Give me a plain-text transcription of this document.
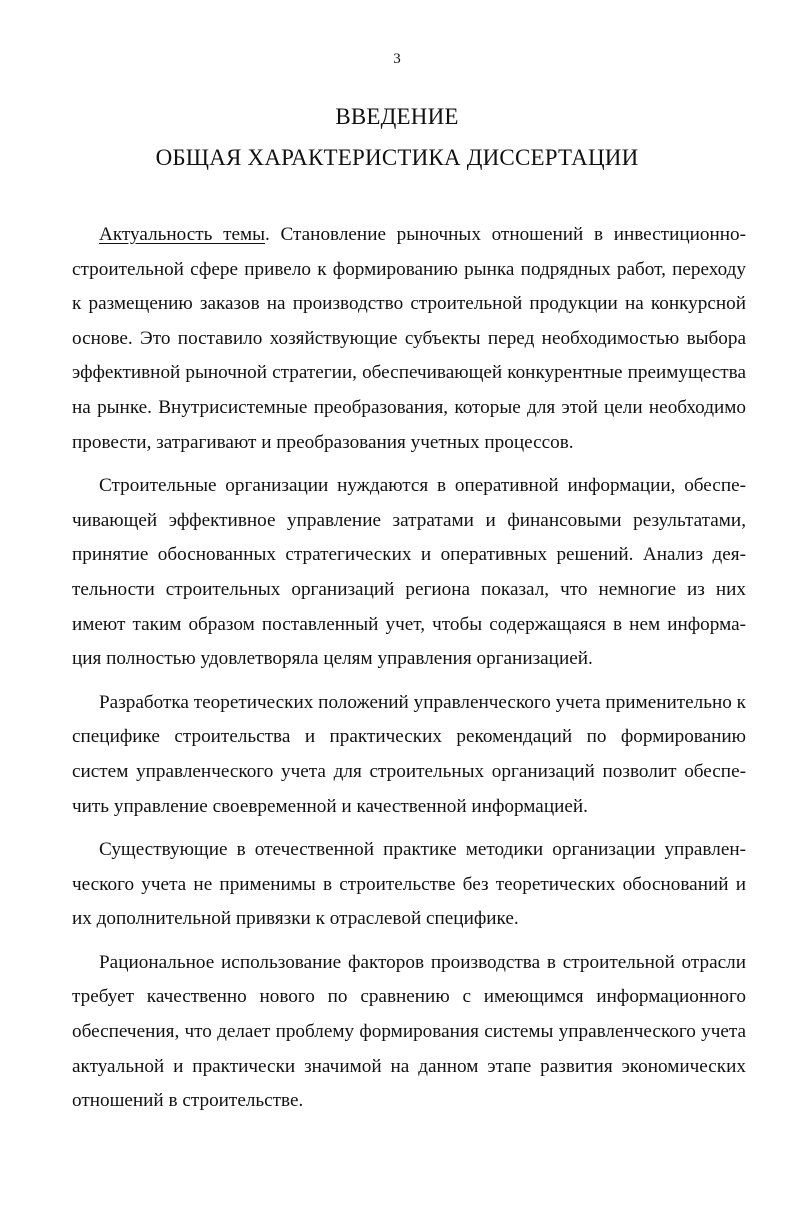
3
ВВЕДЕНИЕ
ОБЩАЯ ХАРАКТЕРИСТИКА ДИССЕРТАЦИИ

Актуальность темы. Становление рыночных отношений в инвестиционно-строительной сфере привело к формированию рынка подрядных работ, переходу к размещению заказов на производство строительной продукции на конкурсной основе. Это поставило хозяйствующие субъекты перед необходимостью выбора эффективной рыночной стратегии, обеспечивающей конкурентные преимущества на рынке. Внутрисистемные преобразования, которые для этой цели необходимо провести, затрагивают и преобразования учетных процессов.

Строительные организации нуждаются в оперативной информации, обеспечивающей эффективное управление затратами и финансовыми результатами, принятие обоснованных стратегических и оперативных решений. Анализ деятельности строительных организаций региона показал, что немногие из них имеют таким образом поставленный учет, чтобы содержащаяся в нем информация полностью удовлетворяла целям управления организацией.

Разработка теоретических положений управленческого учета применительно к специфике строительства и практических рекомендаций по формированию систем управленческого учета для строительных организаций позволит обеспечить управление своевременной и качественной информацией.

Существующие в отечественной практике методики организации управленческого учета не применимы в строительстве без теоретических обоснований и их дополнительной привязки к отраслевой специфике.

Рациональное использование факторов производства в строительной отрасли требует качественно нового по сравнению с имеющимся информационного обеспечения, что делает проблему формирования системы управленческого учета актуальной и практически значимой на данном этапе развития экономических отношений в строительстве.
